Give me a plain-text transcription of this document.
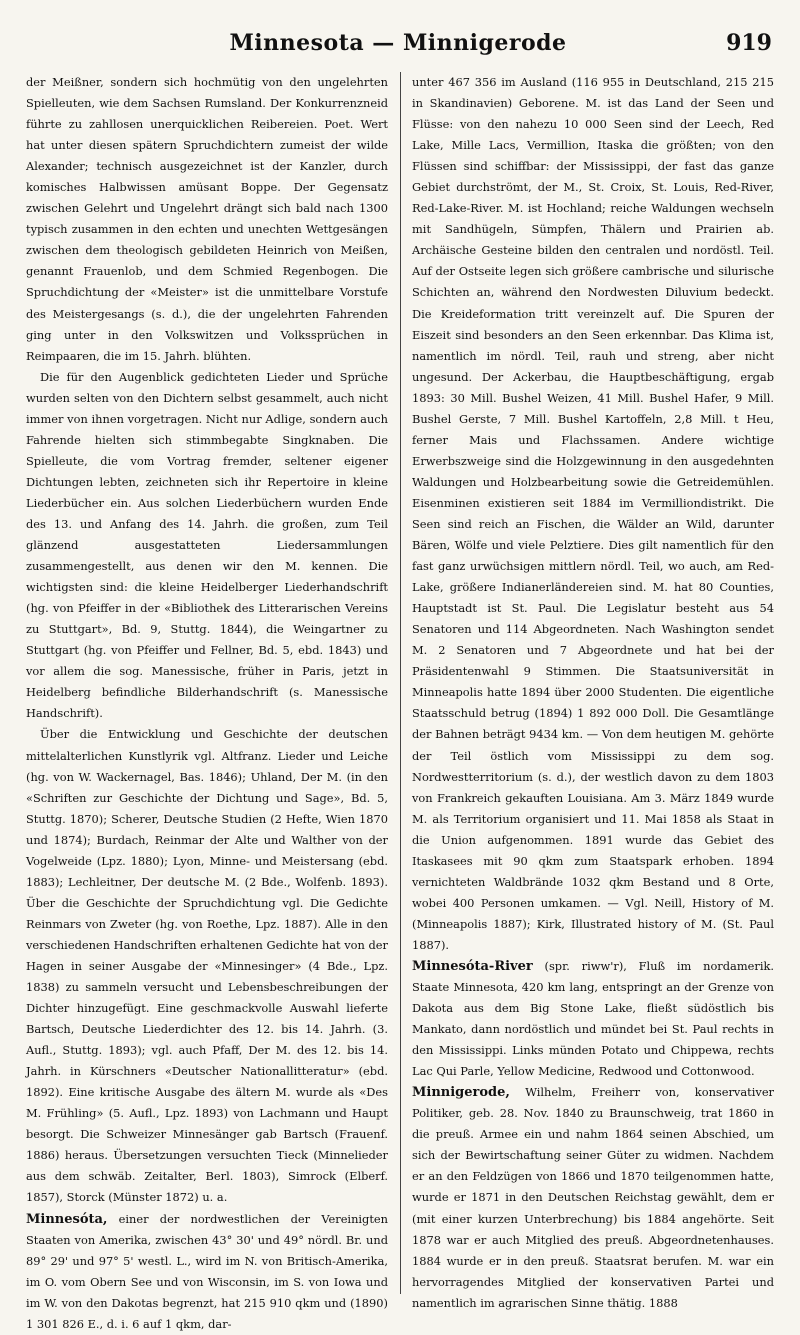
Minnesota — Minnigerode	919

der Meißner, sondern sich hochmütig von den ungelehrten Spielleuten, wie dem Sachsen Rumsland. Der Konkurrenzneid führte zu zahllosen unerquicklichen Reibereien. Poet. Wert hat unter diesen spätern Spruchdichtern zumeist der wilde Alexander; technisch ausgezeichnet ist der Kanzler, durch komisches Halbwissen amüsant Boppe. Der Gegensatz zwischen Gelehrt und Ungelehrt drängt sich bald nach 1300 typisch zusammen in den echten und unechten Wettgesängen zwischen dem theologisch gebildeten Heinrich von Meißen, genannt Frauenlob, und dem Schmied Regenbogen. Die Spruchdichtung der «Meister» ist die unmittelbare Vorstufe des Meistergesangs (s. d.), die der ungelehrten Fahrenden ging unter in den Volkswitzen und Volkssprüchen in Reimpaaren, die im 15. Jahrh. blühten.

Die für den Augenblick gedichteten Lieder und Sprüche wurden selten von den Dichtern selbst gesammelt, auch nicht immer von ihnen vorgetragen. Nicht nur Adlige, sondern auch Fahrende hielten sich stimmbegabte Singknaben. Die Spielleute, die vom Vortrag fremder, seltener eigener Dichtungen lebten, zeichneten sich ihr Repertoire in kleine Liederbücher ein. Aus solchen Liederbüchern wurden Ende des 13. und Anfang des 14. Jahrh. die großen, zum Teil glänzend ausgestatteten Liedersammlungen zusammengestellt, aus denen wir den M. kennen. Die wichtigsten sind: die kleine Heidelberger Liederhandschrift (hg. von Pfeiffer in der «Bibliothek des Litterarischen Vereins zu Stuttgart», Bd. 9, Stuttg. 1844), die Weingartner zu Stuttgart (hg. von Pfeiffer und Fellner, Bd. 5, ebd. 1843) und vor allem die sog. Manessische, früher in Paris, jetzt in Heidelberg befindliche Bilderhandschrift (s. Manessische Handschrift).

Über die Entwicklung und Geschichte der deutschen mittelalterlichen Kunstlyrik vgl. Altfranz. Lieder und Leiche (hg. von W. Wackernagel, Bas. 1846); Uhland, Der M. (in den «Schriften zur Geschichte der Dichtung und Sage», Bd. 5, Stuttg. 1870); Scherer, Deutsche Studien (2 Hefte, Wien 1870 und 1874); Burdach, Reinmar der Alte und Walther von der Vogelweide (Lpz. 1880); Lyon, Minne- und Meistersang (ebd. 1883); Lechleitner, Der deutsche M. (2 Bde., Wolfenb. 1893). Über die Geschichte der Spruchdichtung vgl. Die Gedichte Reinmars von Zweter (hg. von Roethe, Lpz. 1887). Alle in den verschiedenen Handschriften erhaltenen Gedichte hat von der Hagen in seiner Ausgabe der «Minnesinger» (4 Bde., Lpz. 1838) zu sammeln versucht und Lebensbeschreibungen der Dichter hinzugefügt. Eine geschmackvolle Auswahl lieferte Bartsch, Deutsche Liederdichter des 12. bis 14. Jahrh. (3. Aufl., Stuttg. 1893); vgl. auch Pfaff, Der M. des 12. bis 14. Jahrh. in Kürschners «Deutscher Nationallitteratur» (ebd. 1892). Eine kritische Ausgabe des ältern M. wurde als «Des M. Frühling» (5. Aufl., Lpz. 1893) von Lachmann und Haupt besorgt. Die Schweizer Minnesänger gab Bartsch (Frauenf. 1886) heraus. Übersetzungen versuchten Tieck (Minnelieder aus dem schwäb. Zeitalter, Berl. 1803), Simrock (Elberf. 1857), Storck (Münster 1872) u. a.

Minnesóta, einer der nordwestlichen der Vereinigten Staaten von Amerika, zwischen 43° 30' und 49° nördl. Br. und 89° 29' und 97° 5' westl. L., wird im N. von Britisch-Amerika, im O. vom Obern See und von Wisconsin, im S. von Iowa und im W. von den Dakotas begrenzt, hat 215 910 qkm und (1890) 1 301 826 E., d. i. 6 auf 1 qkm, dar-

unter 467 356 im Ausland (116 955 in Deutschland, 215 215 in Skandinavien) Geborene. M. ist das Land der Seen und Flüsse: von den nahezu 10 000 Seen sind der Leech, Red Lake, Mille Lacs, Vermillion, Itaska die größten; von den Flüssen sind schiffbar: der Mississippi, der fast das ganze Gebiet durchströmt, der M., St. Croix, St. Louis, Red-River, Red-Lake-River. M. ist Hochland; reiche Waldungen wechseln mit Sandhügeln, Sümpfen, Thälern und Prairien ab. Archäische Gesteine bilden den centralen und nordöstl. Teil. Auf der Ostseite legen sich größere cambrische und silurische Schichten an, während den Nordwesten Diluvium bedeckt. Die Kreideformation tritt vereinzelt auf. Die Spuren der Eiszeit sind besonders an den Seen erkennbar. Das Klima ist, namentlich im nördl. Teil, rauh und streng, aber nicht ungesund. Der Ackerbau, die Hauptbeschäftigung, ergab 1893: 30 Mill. Bushel Weizen, 41 Mill. Bushel Hafer, 9 Mill. Bushel Gerste, 7 Mill. Bushel Kartoffeln, 2,8 Mill. t Heu, ferner Mais und Flachssamen. Andere wichtige Erwerbszweige sind die Holzgewinnung in den ausgedehnten Waldungen und Holzbearbeitung sowie die Getreidemühlen. Eisenminen existieren seit 1884 im Vermilliondistrikt. Die Seen sind reich an Fischen, die Wälder an Wild, darunter Bären, Wölfe und viele Pelztiere. Dies gilt namentlich für den fast ganz urwüchsigen mittlern nördl. Teil, wo auch, am Red-Lake, größere Indianerländereien sind. M. hat 80 Counties, Hauptstadt ist St. Paul. Die Legislatur besteht aus 54 Senatoren und 114 Abgeordneten. Nach Washington sendet M. 2 Senatoren und 7 Abgeordnete und hat bei der Präsidentenwahl 9 Stimmen. Die Staatsuniversität in Minneapolis hatte 1894 über 2000 Studenten. Die eigentliche Staatsschuld betrug (1894) 1 892 000 Doll. Die Gesamtlänge der Bahnen beträgt 9434 km. — Von dem heutigen M. gehörte der Teil östlich vom Mississippi zu dem sog. Nordwestterritorium (s. d.), der westlich davon zu dem 1803 von Frankreich gekauften Louisiana. Am 3. März 1849 wurde M. als Territorium organisiert und 11. Mai 1858 als Staat in die Union aufgenommen. 1891 wurde das Gebiet des Itaskasees mit 90 qkm zum Staatspark erhoben. 1894 vernichteten Waldbrände 1032 qkm Bestand und 8 Orte, wobei 400 Personen umkamen. — Vgl. Neill, History of M. (Minneapolis 1887); Kirk, Illustrated history of M. (St. Paul 1887).

Minnesóta-River (spr. riww'r), Fluß im nordamerik. Staate Minnesota, 420 km lang, entspringt an der Grenze von Dakota aus dem Big Stone Lake, fließt südöstlich bis Mankato, dann nordöstlich und mündet bei St. Paul rechts in den Mississippi. Links münden Potato und Chippewa, rechts Lac Qui Parle, Yellow Medicine, Redwood und Cottonwood.

Minnigerode, Wilhelm, Freiherr von, konservativer Politiker, geb. 28. Nov. 1840 zu Braunschweig, trat 1860 in die preuß. Armee ein und nahm 1864 seinen Abschied, um sich der Bewirtschaftung seiner Güter zu widmen. Nachdem er an den Feldzügen von 1866 und 1870 teilgenommen hatte, wurde er 1871 in den Deutschen Reichstag gewählt, dem er (mit einer kurzen Unterbrechung) bis 1884 angehörte. Seit 1878 war er auch Mitglied des preuß. Abgeordnetenhauses. 1884 wurde er in den preuß. Staatsrat berufen. M. war ein hervorragendes Mitglied der konservativen Partei und namentlich im agrarischen Sinne thätig. 1888
